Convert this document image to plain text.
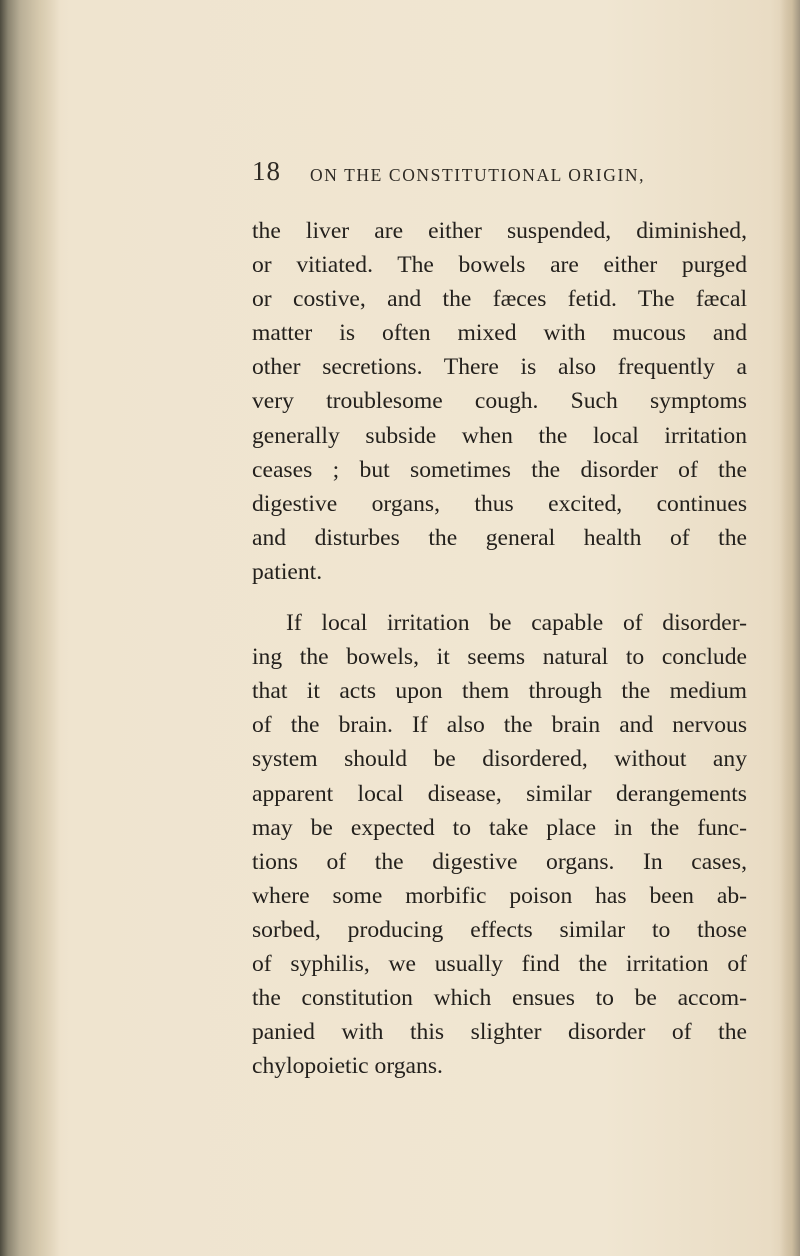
18 ON THE CONSTITUTIONAL ORIGIN,

the liver are either suspended, diminished,
or vitiated. The bowels are either purged
or costive, and the fæces fetid. The fæcal
matter is often mixed with mucous and
other secretions. There is also frequently a
very troublesome cough. Such symptoms
generally subside when the local irritation
ceases ; but sometimes the disorder of the
digestive organs, thus excited, continues
and disturbes the general health of the
patient.

If local irritation be capable of disorder-
ing the bowels, it seems natural to conclude
that it acts upon them through the medium
of the brain. If also the brain and nervous
system should be disordered, without any
apparent local disease, similar derangements
may be expected to take place in the func-
tions of the digestive organs. In cases,
where some morbific poison has been ab-
sorbed, producing effects similar to those
of syphilis, we usually find the irritation of
the constitution which ensues to be accom-
panied with this slighter disorder of the
chylopoietic organs.
